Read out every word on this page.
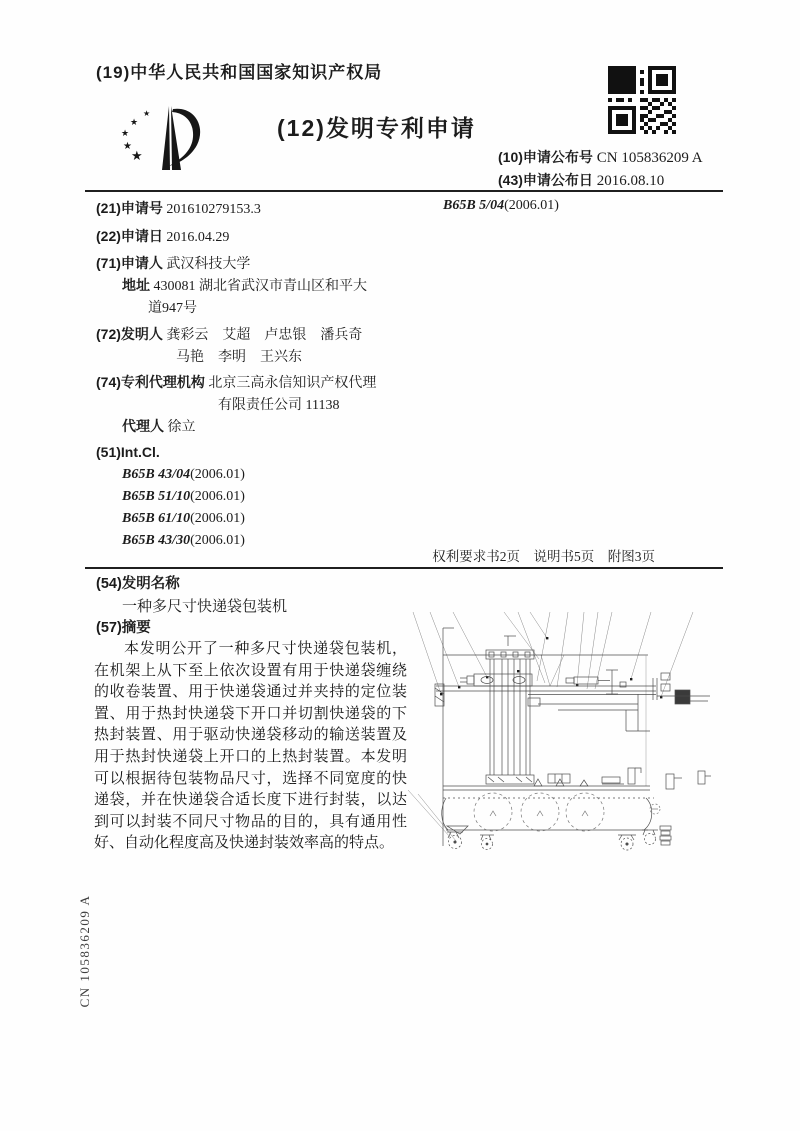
(19)中华人民共和国国家知识产权局
★
★
★
★
★
(12)发明专利申请
(10)申请公布号 CN 105836209 A
(43)申请公布日 2016.08.10
(21)申请号 201610279153.3
(22)申请日 2016.04.29
(71)申请人 武汉科技大学
地址 430081 湖北省武汉市青山区和平大
道947号
(72)发明人 龚彩云　艾超　卢忠银　潘兵奇
马艳　李明　王兴东
(74)专利代理机构 北京三高永信知识产权代理
有限责任公司 11138
代理人 徐立
(51)Int.Cl.
B65B 43/04(2006.01)
B65B 51/10(2006.01)
B65B 61/10(2006.01)
B65B 43/30(2006.01)
B65B 5/04(2006.01)
权利要求书2页　说明书5页　附图3页
(54)发明名称
一种多尺寸快递袋包装机
(57)摘要
本发明公开了一种多尺寸快递袋包装机，在机架上从下至上依次设置有用于快递袋缠绕的收卷装置、用于快递袋通过并夹持的定位装置、用于热封快递袋下开口并切割快递袋的下热封装置、用于驱动快递袋移动的输送装置及用于热封快递袋上开口的上热封装置。本发明可以根据待包装物品尺寸，选择不同宽度的快递袋，并在快递袋合适长度下进行封装，以达到可以封装不同尺寸物品的目的，具有通用性好、自动化程度高及快递封装效率高的特点。
CN 105836209 A
